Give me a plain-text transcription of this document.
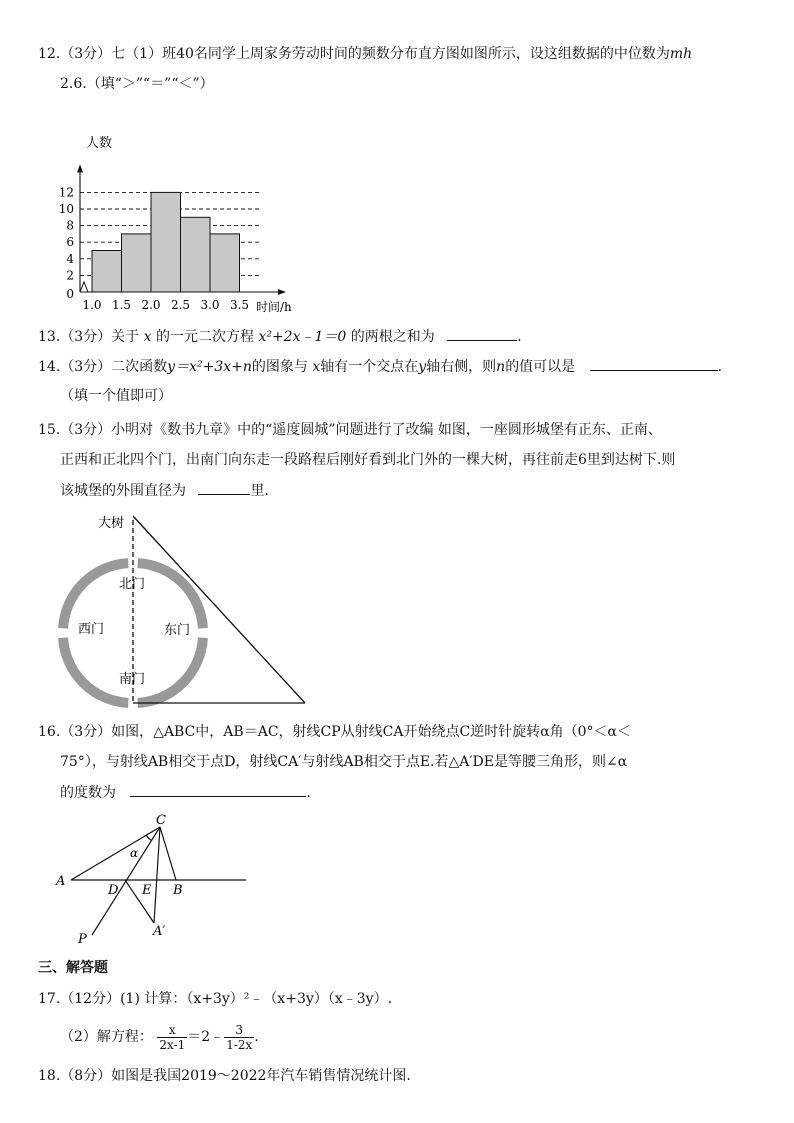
12.（3分）七（1）班40名同学上周家务劳动时间的频数分布直方图如图所示，设这组数据的中位数为mh
2.6.（填“＞”“＝”“＜”）
0
2
4
6
8
10
12
1.0 1.5 2.0 2.5 3.0 3.5
人数
时间/h
13.（3分）关于 x 的一元二次方程 x²+2x﹣1＝0 的两根之和为	.
14.（3分）二次函数y＝x²+3x+n的图象与 x轴有一个交点在y轴右侧，则n的值可以是	.
（填一个值即可）
15.（3分）小明对《数书九章》中的“遥度圆城”问题进行了改编 如图，一座圆形城堡有正东、正南、
正西和正北四个门，出南门向东走一段路程后刚好看到北门外的一棵大树，再往前走6里到达树下.则
该城堡的外围直径为	里.
大树
北门
西门	东门
南门
16.（3分）如图，△ABC中，AB＝AC，射线CP从射线CA开始绕点C逆时针旋转α角（0°＜α＜
75°），与射线AB相交于点D，射线CA′与射线AB相交于点E.若△A′DE是等腰三角形，则∠α
的度数为	.
C
α
A
D E B
A′
P
三、解答题
17.（12分）(1) 计算：（x+3y）²﹣（x+3y）（x﹣3y）.
（2）解方程： $\frac{x}{2x-1}$ ＝2﹣ $\frac{3}{1-2x}$ .
18.（8分）如图是我国2019～2022年汽车销售情况统计图.
